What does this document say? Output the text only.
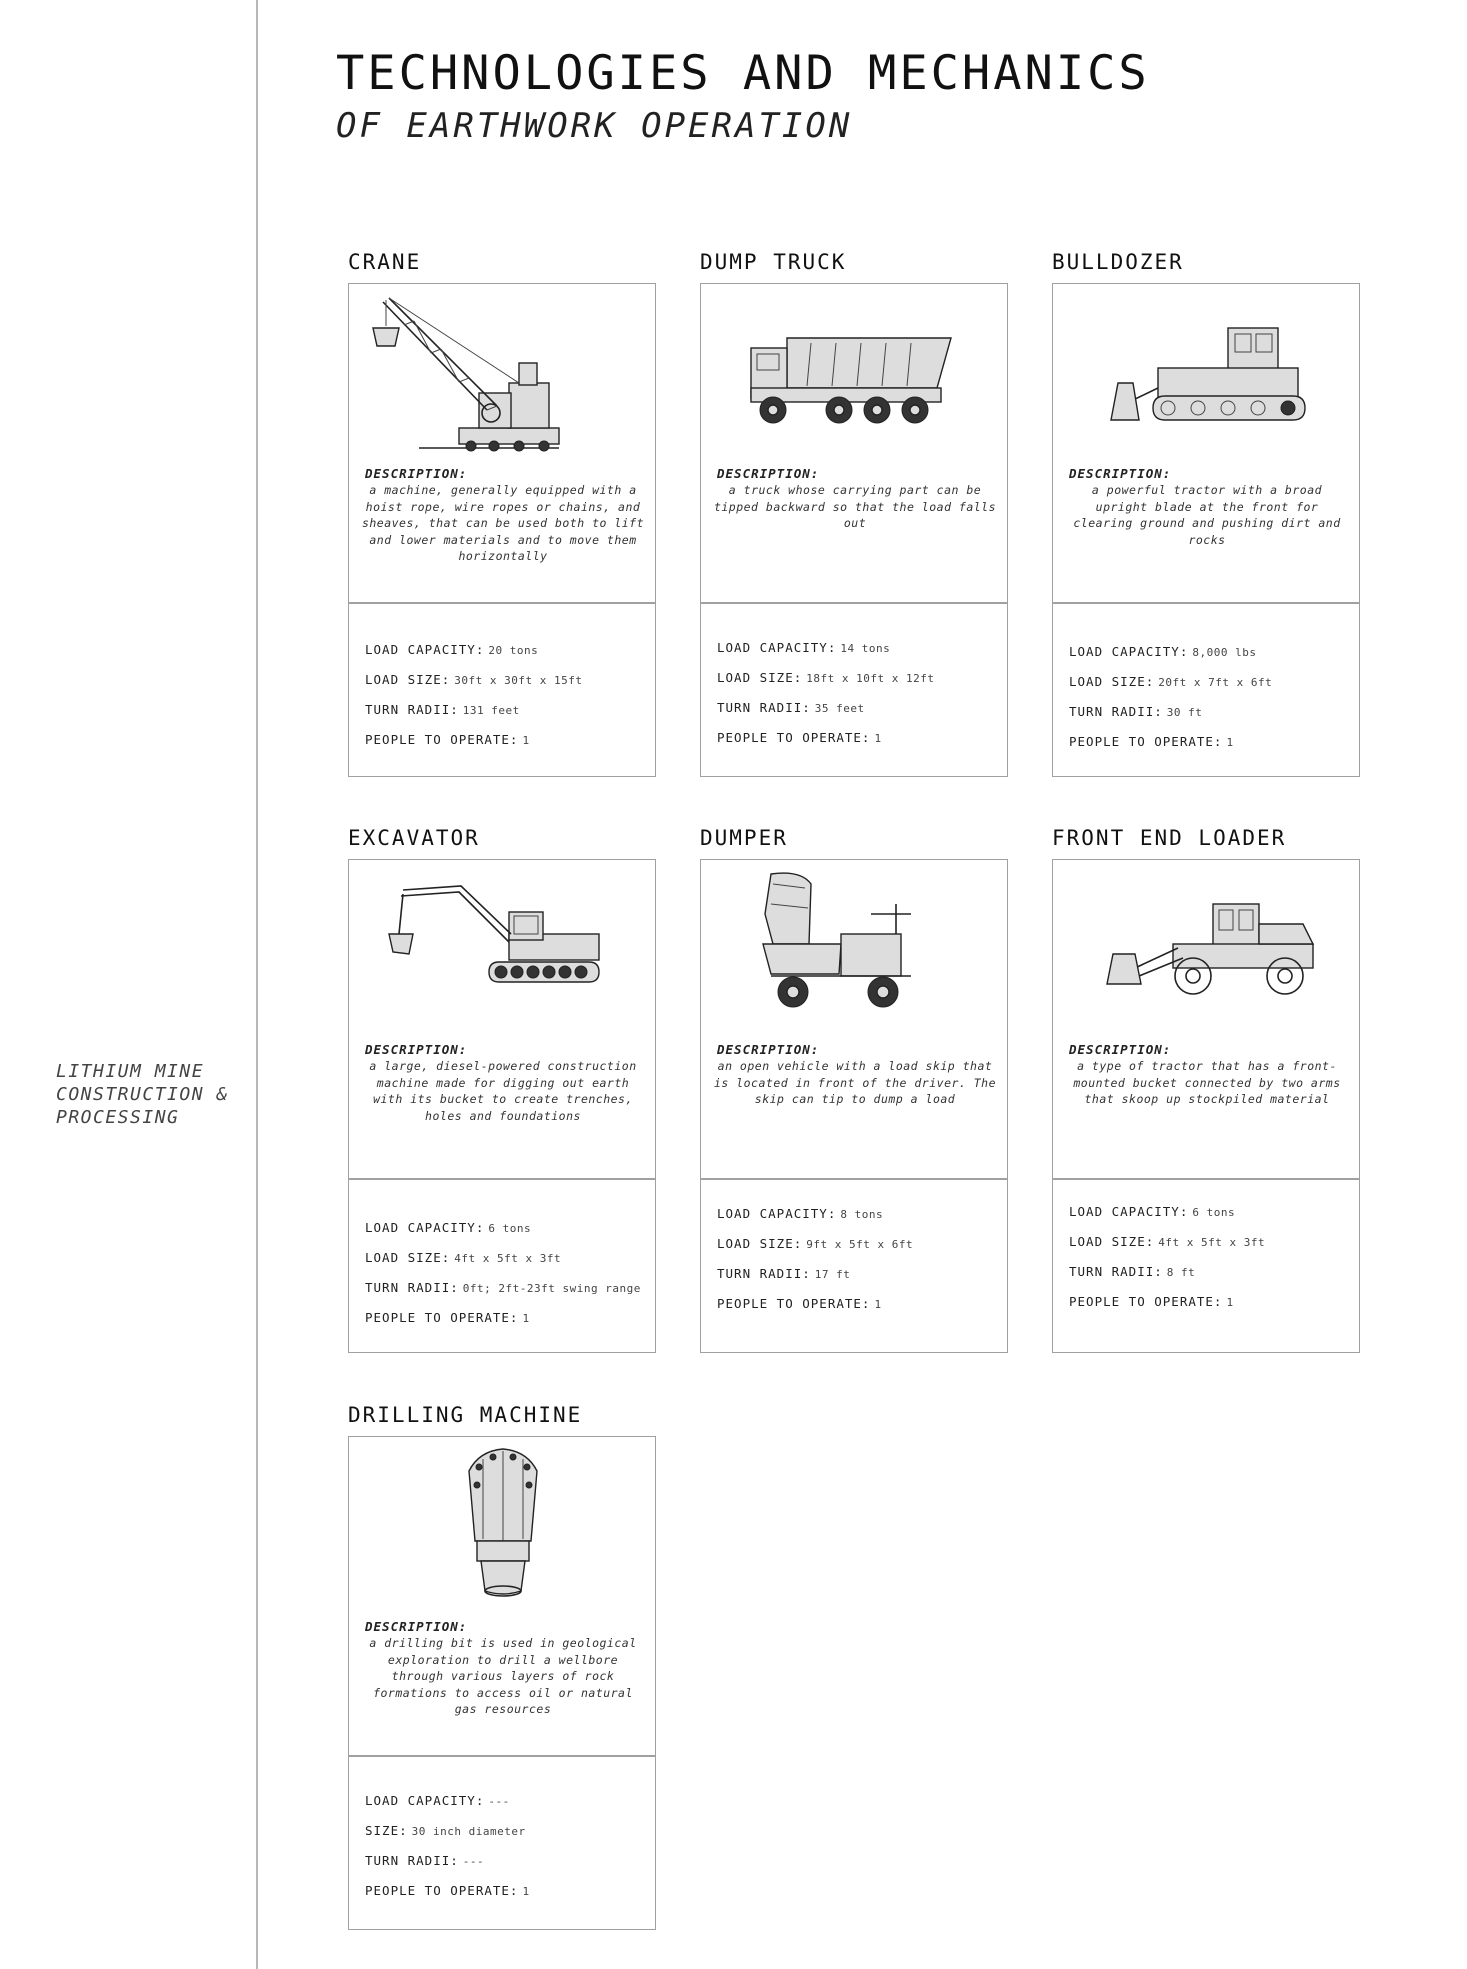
LITHIUM MINE
CONSTRUCTION &
PROCESSING
TECHNOLOGIES AND MECHANICS
OF EARTHWORK OPERATION
CRANE
DESCRIPTION:
a machine, generally equipped with a hoist rope, wire ropes or chains, and sheaves, that can be used both to lift and lower materials and to move them horizontally
LOAD CAPACITY: 20 tons
LOAD SIZE: 30ft x 30ft x 15ft
TURN RADII: 131 feet
PEOPLE TO OPERATE: 1
DUMP TRUCK
DESCRIPTION:
a truck whose carrying part can be tipped backward so that the load falls out
LOAD CAPACITY: 14 tons
LOAD SIZE: 18ft x 10ft x 12ft
TURN RADII: 35 feet
PEOPLE TO OPERATE: 1
BULLDOZER
DESCRIPTION:
a powerful tractor with a broad upright blade at the front for clearing ground and pushing dirt and rocks
LOAD CAPACITY: 8,000 lbs
LOAD SIZE: 20ft x 7ft x 6ft
TURN RADII: 30 ft
PEOPLE TO OPERATE: 1
EXCAVATOR
DESCRIPTION:
a large, diesel-powered construction machine made for digging out earth with its bucket to create trenches, holes and foundations
LOAD CAPACITY: 6 tons
LOAD SIZE: 4ft x 5ft x 3ft
TURN RADII: 0ft; 2ft-23ft swing range
PEOPLE TO OPERATE: 1
DUMPER
DESCRIPTION:
an open vehicle with a load skip that is located in front of the driver. The skip can tip to dump a load
LOAD CAPACITY: 8 tons
LOAD SIZE: 9ft x 5ft x 6ft
TURN RADII: 17 ft
PEOPLE TO OPERATE: 1
FRONT END LOADER
DESCRIPTION:
a type of tractor that has a front-mounted bucket connected by two arms that skoop up stockpiled material
LOAD CAPACITY: 6 tons
LOAD SIZE: 4ft x 5ft x 3ft
TURN RADII: 8 ft
PEOPLE TO OPERATE: 1
DRILLING MACHINE
DESCRIPTION:
a drilling bit is used in geological exploration to drill a wellbore through various layers of rock formations to access oil or natural gas resources
LOAD CAPACITY: ---
SIZE: 30 inch diameter
TURN RADII: ---
PEOPLE TO OPERATE: 1
